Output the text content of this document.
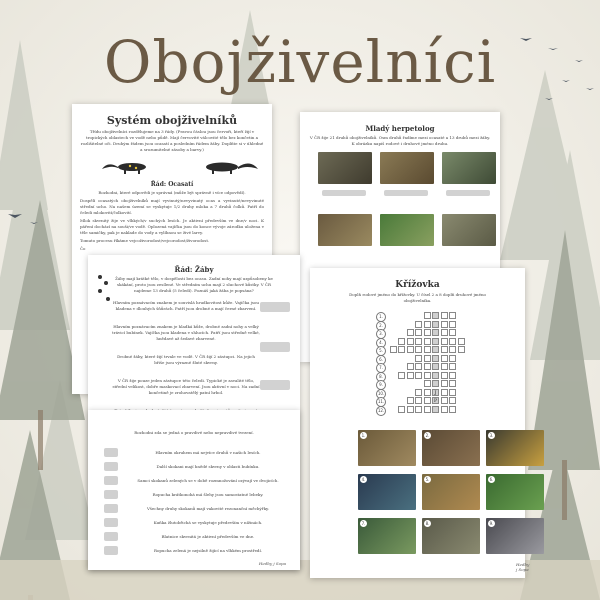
Obojživelníci
Mladý herpetolog
V ČR žije 21 druhů obojživelníků. Osm druhů řadíme mezi ocasaté a 13 druhů mezi žáby. K obrázku napiš rodové i druhové jméno druhu.
Systém obojživelníků
Třídu obojživelníci rozdělujeme na 3 řády. (Pravou čáslou jsou červoři, kteří žijí v tropických oblastech ve vodě nebo půdě. Mají červovité válcovité tělo bez končetin a rozlišitelné oči. Druhým řádem jsou ocasatí a posledním řádem žáby. Doplňte si v úhledné a srozumitelné zásoby a barvy.)
Řád: Ocasatí
Rozhodni, které odpovědi je správná (může být správně i více odpovědí).
Dospělí ocasatých obojživelníků mají vyvinutý/nevyvinutý ocas a vyvinuté/nevyvinuté střední ucho. Na našem území se vyskytuje 1/2 druhy mloka a 7 druhů čolků. Patří do čeledi mlokovití/čolkovití.
Mlok skvrnitý žije ve vlhkých/v suchých lesích. Je aktivní především ve dne/v noci. K páření dochází na souši/ve vodě. Oplozená vajíčka jsou do konce vývoje zárodku uložena v těle samičky, pak je naklade do vody a vylíhnou se živé larvy.
Tomuto procesu říkáme vejcoživorodost/vejcorodost/živorodost.
Čo
Řád: Žáby
Žáby mají krátké tělo, v dospělosti bez ocasu. Zadní nohy mají uzpůsobeny ke skákání, proto jsou zesílené. Ve středním uchu mají 2 sluchové kůstky. V ČR najdeme 13 druhů (5 čeledí). Poznáš jaká žába je popsána?
Hlavním poznávacím znakem je souvislá hrudkovitost kůže. Vajíčka jsou kladena v dlouhých šňůrách. Patří jsou drobné a mají černé zbarvení.
Hlavním poznávacím znakem je hladká kůže, drobné zadní nohy a velký trávicí bubínek. Vajíčka jsou kladena v shlucích. Patří jsou středně velké, hnědavé až šedavé zbarvené.
Drobné žáby, které žijí trvale ve vodě. V ČR žijí 2 zástupci. Na jejich břiše jsou výrazné žluté skvrny.
V ČR žije pouze jeden zástupce této čeledi. Typické je zavalité tělo, střední velikost, dobře maskovací zbarvení. Jsou aktivní v noci. Na zadní končetině je zrohovatělý patní hrbol.
Rozhodni zda se jedná o pravdivé nebo nepravdivé tvrzení.
Hedby j Sopa
Hlavním okruhem má nejvíce druhů v našich lesích.
Další skokani mají hnědé skvrny v oblasti bubínku.
Samci skokanů zelených se v době rozmnožování ozývají ve dvojicích.
Ropucha krátkonohá má šlehy jsou samostatné lebeky.
Všechny druhy skokanů mají vakovité rezonanční měchýřky.
Kuňka žlutobřichá se vyskytuje především v nížinách.
Blatnice skvrnitá je aktivní především ve dne.
Ropucha zelená je nejsilně žijící na vlhkém prostředí.
Křížovka
Doplň rodové jméno do křížovky. U čísel 2 a 8 doplň druhové jméno obojživelníka.
Hedby j Sopa
1.
2.
3.
4.
5.
6.
7.
8.
9.
10.
11.
12.
J
P
1.	2.	3.
4.	5.	6.
7.	8.	9.
